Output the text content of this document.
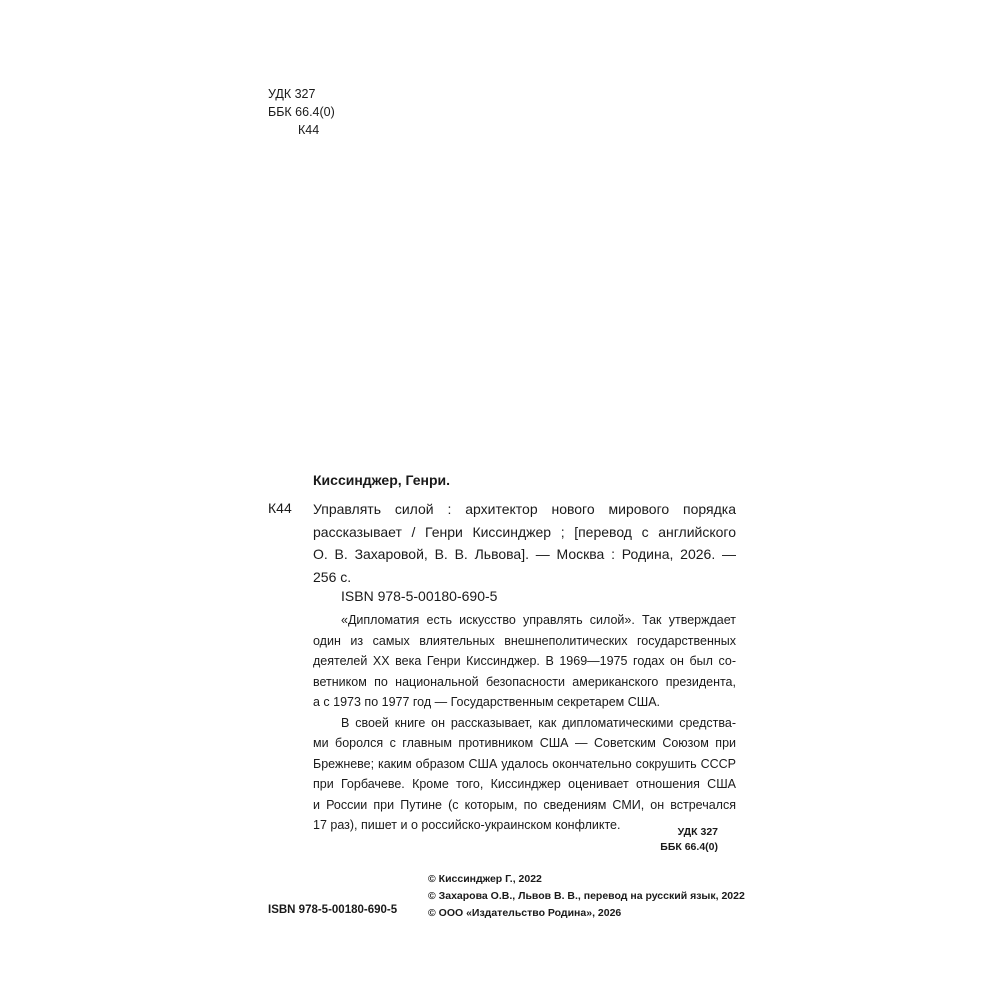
УДК 327
ББК 66.4(0)
К44
Киссинджер, Генри.
К44 Управлять силой : архитектор нового мирового порядка
рассказывает / Генри Киссинджер ; [перевод с английского
О. В. Захаровой, В. В. Львова]. — Москва : Родина, 2026. —
256 с.
ISBN 978-5-00180-690-5
«Дипломатия есть искусство управлять силой». Так утверждает
один из самых влиятельных внешнеполитических государственных
деятелей XX века Генри Киссинджер. В 1969—1975 годах он был со-
ветником по национальной безопасности американского президента,
а с 1973 по 1977 год — Государственным секретарем США.
В своей книге он рассказывает, как дипломатическими средства-
ми боролся с главным противником США — Советским Союзом при
Брежневе; каким образом США удалось окончательно сокрушить СССР
при Горбачеве. Кроме того, Киссинджер оценивает отношения США
и России при Путине (с которым, по сведениям СМИ, он встречался
17 раз), пишет и о российско-украинском конфликте.	УДК 327
ББК 66.4(0)
© Киссинджер Г., 2022
© Захарова О.В., Львов В. В., перевод на русский язык, 2022
© ООО «Издательство Родина», 2026
ISBN 978-5-00180-690-5
